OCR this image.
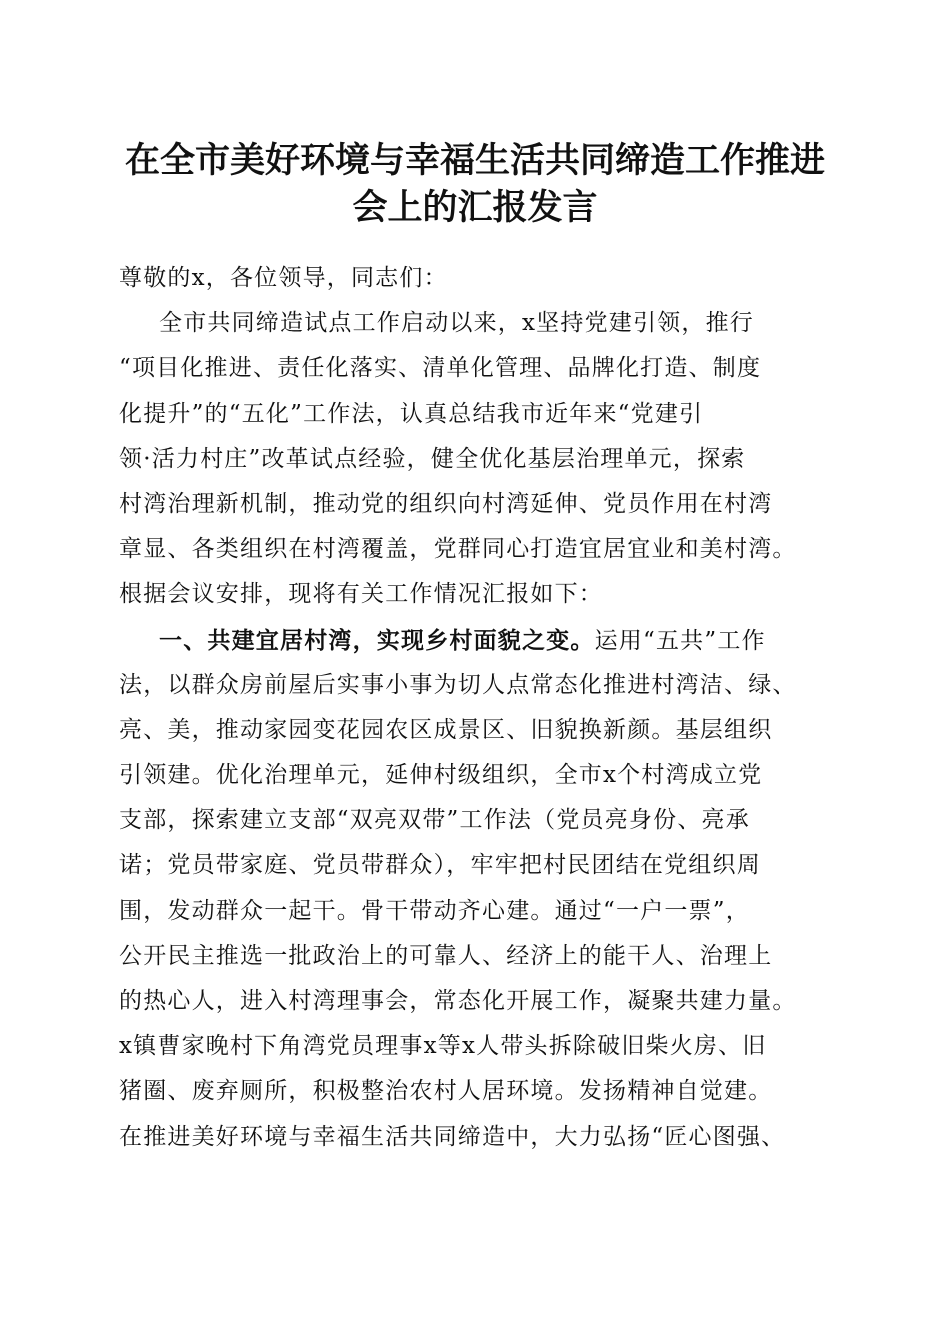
在全市美好环境与幸福生活共同缔造工作推进
会上的汇报发言
尊敬的x，各位领导，同志们：
全市共同缔造试点工作启动以来，x坚持党建引领，推行
“项目化推进、责任化落实、清单化管理、品牌化打造、制度
化提升”的“五化”工作法，认真总结我市近年来“党建引
领·活力村庄”改革试点经验，健全优化基层治理单元，探索
村湾治理新机制，推动党的组织向村湾延伸、党员作用在村湾
章显、各类组织在村湾覆盖，党群同心打造宜居宜业和美村湾。
根据会议安排，现将有关工作情况汇报如下：
一、共建宜居村湾，实现乡村面貌之变。运用“五共”工作
法，以群众房前屋后实事小事为切人点常态化推进村湾洁、绿、
亮、美，推动家园变花园农区成景区、旧貌换新颜。基层组织
引领建。优化治理单元，延伸村级组织，全市x个村湾成立党
支部，探索建立支部“双亮双带”工作法（党员亮身份、亮承
诺；党员带家庭、党员带群众），牢牢把村民团结在党组织周
围，发动群众一起干。骨干带动齐心建。通过“一户一票”，
公开民主推选一批政治上的可靠人、经济上的能干人、治理上
的热心人，进入村湾理事会，常态化开展工作，凝聚共建力量。
x镇曹家晚村下角湾党员理事x等x人带头拆除破旧柴火房、旧
猪圈、废弃厕所，积极整治农村人居环境。发扬精神自觉建。
在推进美好环境与幸福生活共同缔造中，大力弘扬“匠心图强、
